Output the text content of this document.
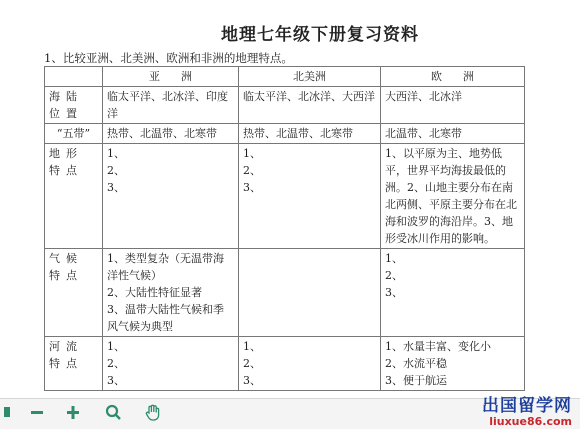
地理七年级下册复习资料
1、比较亚洲、北美洲、欧洲和非洲的地理特点。
	亚      洲	北美洲	欧      洲
海陆位置	临太平洋、北冰洋、印度洋	临太平洋、北冰洋、大西洋	大西洋、北冰洋

“五带”	热带、北温带、北寒带	热带、北温带、北寒带	北温带、北寒带

地形特点	1、
2、
3、	1、
2、
3、	1、以平原为主、地势低平，世界平均海拔最低的洲。2、山地主要分布在南北两侧、平原主要分布在北海和波罗的海沿岸。3、地形受冰川作用的影响。

气候特点	1、类型复杂（无温带海洋性气候）
2、大陆性特征显著
3、温带大陆性气候和季风气候为典型		1、
2、
3、

河流特点	1、
2、
3、	1、
2、
3、	1、水量丰富、变化小
2、水流平稳
3、便于航运
出国留学网
liuxue86.com
